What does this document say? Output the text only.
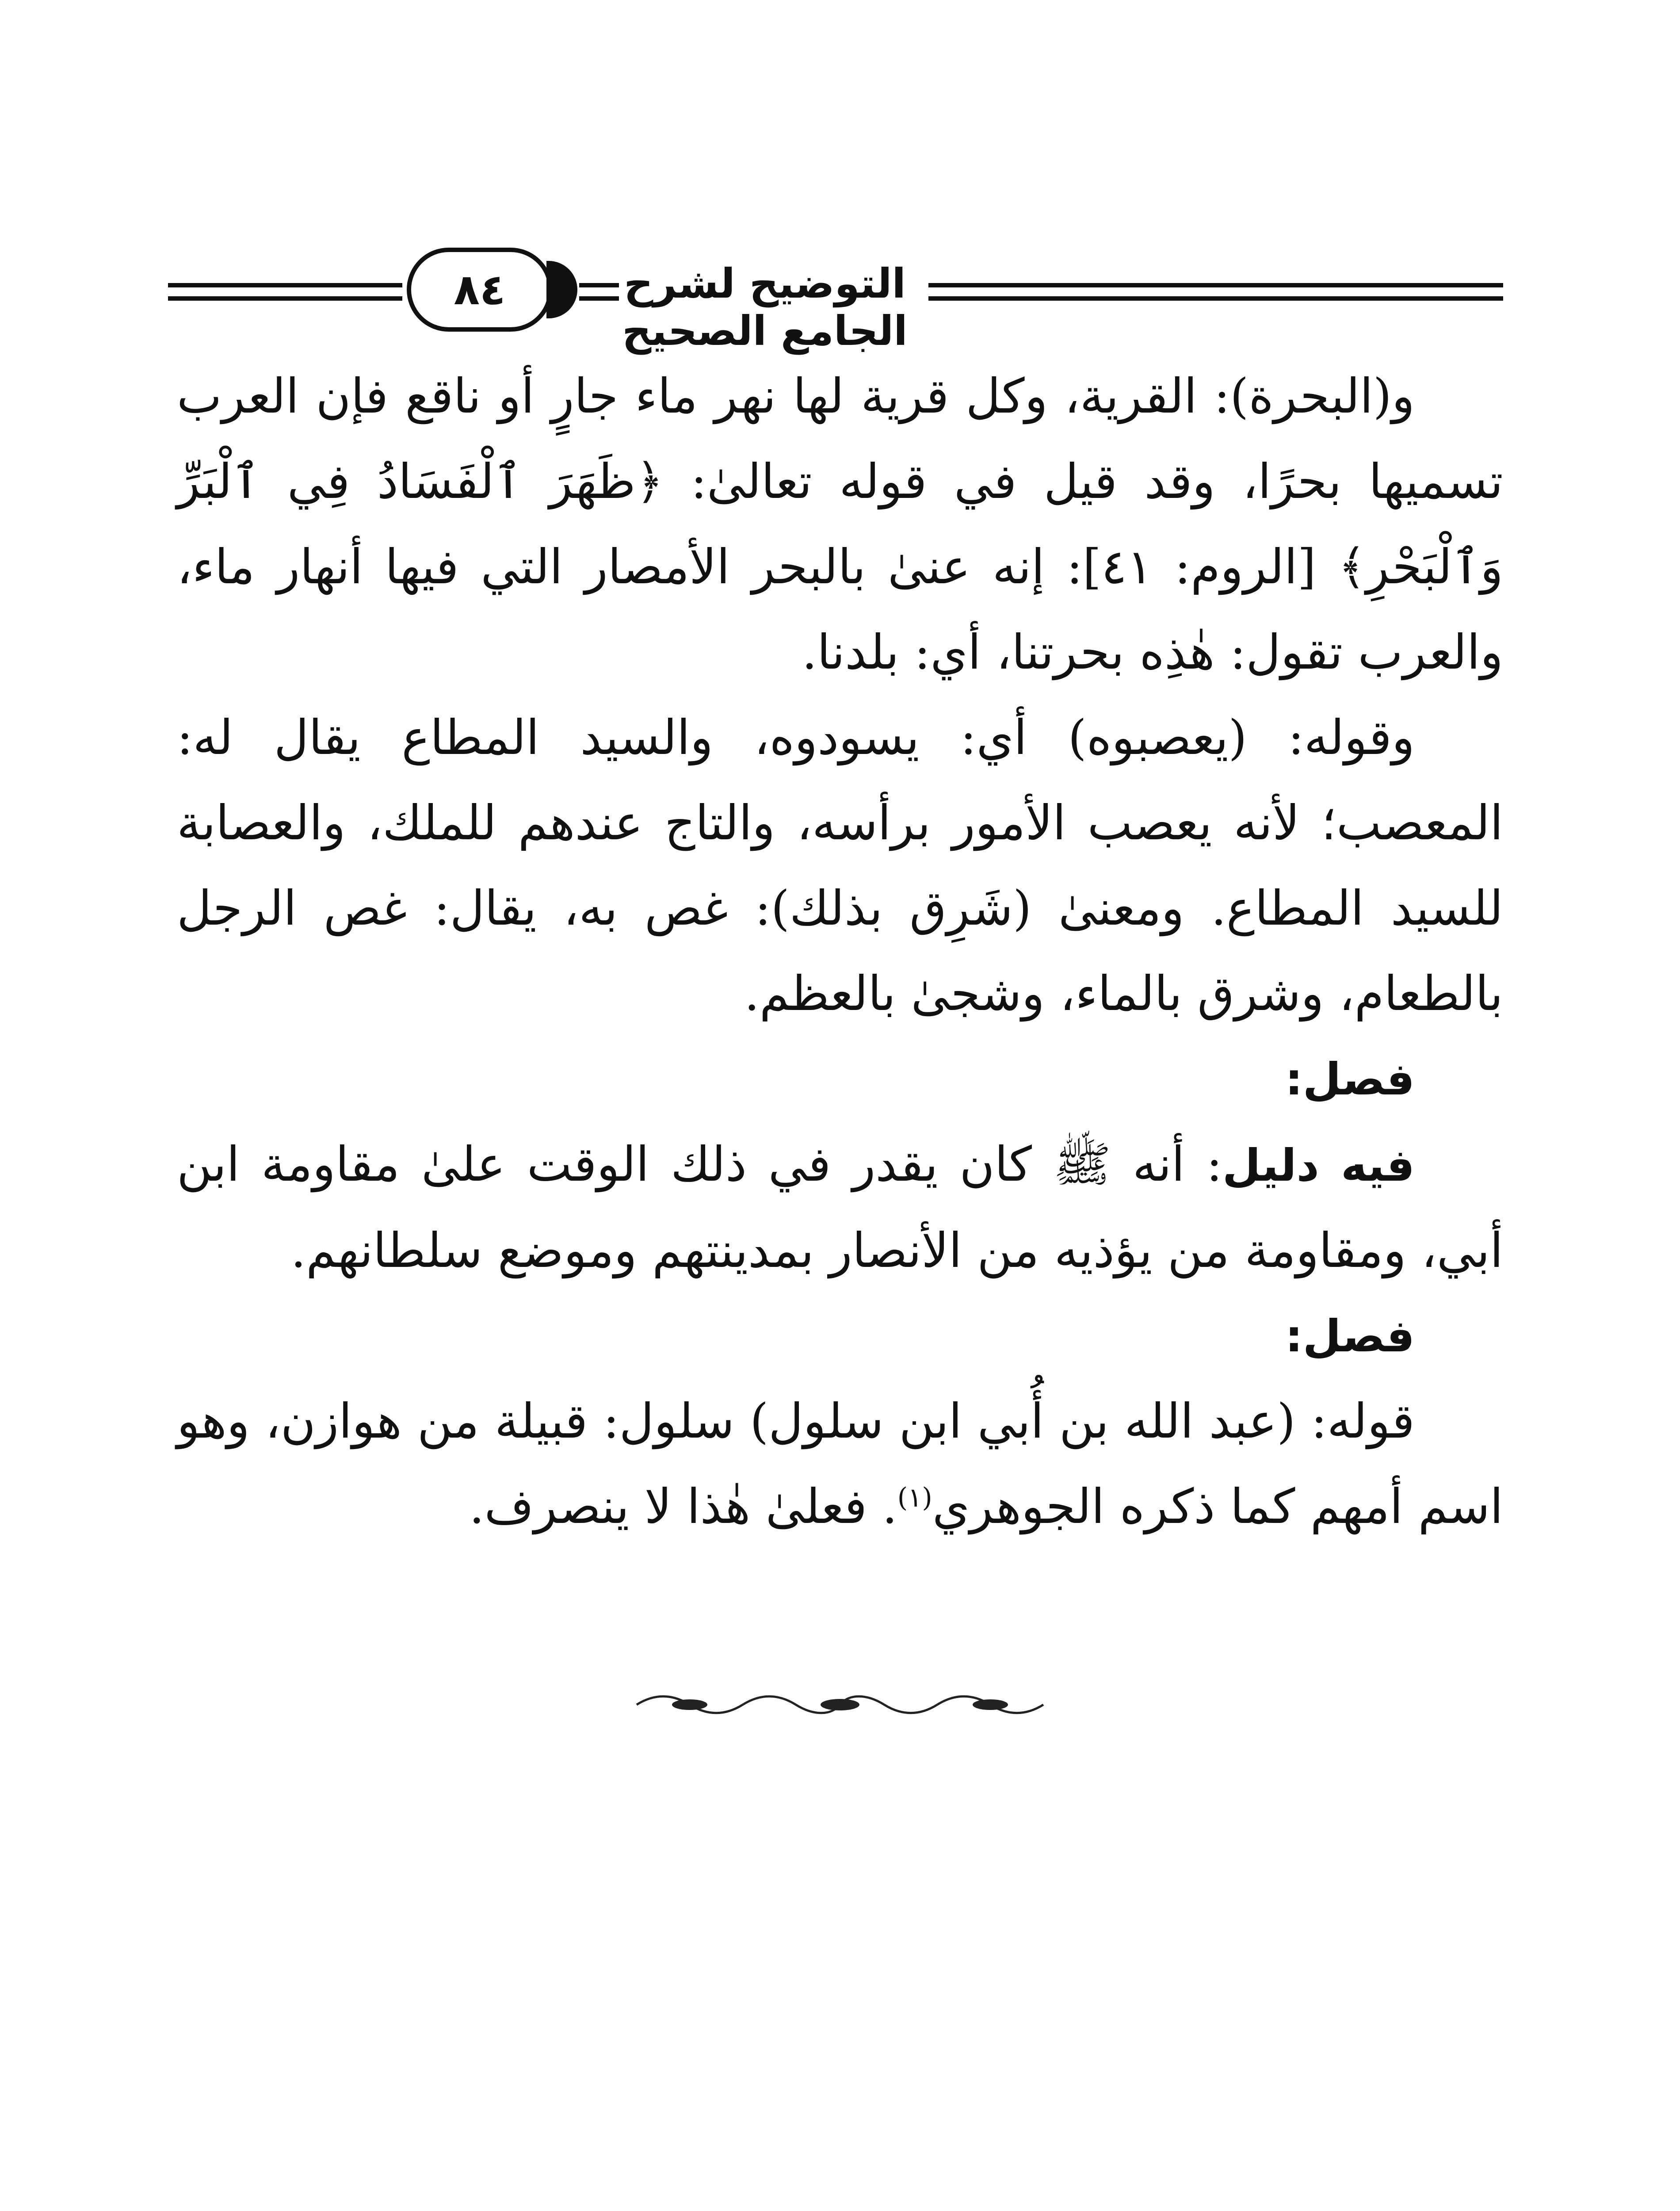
التوضيح لشرح الجامع الصحيح
٨٤

و(البحرة): القرية، وكل قرية لها نهر ماء جارٍ أو ناقع فإن العرب تسميها بحرًا، وقد قيل في قوله تعالىٰ: ﴿ظَهَرَ ٱلْفَسَادُ فِي ٱلْبَرِّ وَٱلْبَحْرِ﴾ [الروم: ٤١]: إنه عنىٰ بالبحر الأمصار التي فيها أنهار ماء، والعرب تقول: هٰذِه بحرتنا، أي: بلدنا.

وقوله: (يعصبوه) أي: يسودوه، والسيد المطاع يقال له: المعصب؛ لأنه يعصب الأمور برأسه، والتاج عندهم للملك، والعصابة للسيد المطاع. ومعنىٰ (شَرِق بذلك): غص به، يقال: غص الرجل بالطعام، وشرق بالماء، وشجىٰ بالعظم.

فصل:

فيه دليل: أنه ﷺ كان يقدر في ذلك الوقت علىٰ مقاومة ابن أبي، ومقاومة من يؤذيه من الأنصار بمدينتهم وموضع سلطانهم.

فصل:

قوله: (عبد الله بن أُبي ابن سلول) سلول: قبيلة من هوازن، وهو اسم أمهم كما ذكره الجوهري$^{(١)}$. فعلىٰ هٰذا لا ينصرف.
